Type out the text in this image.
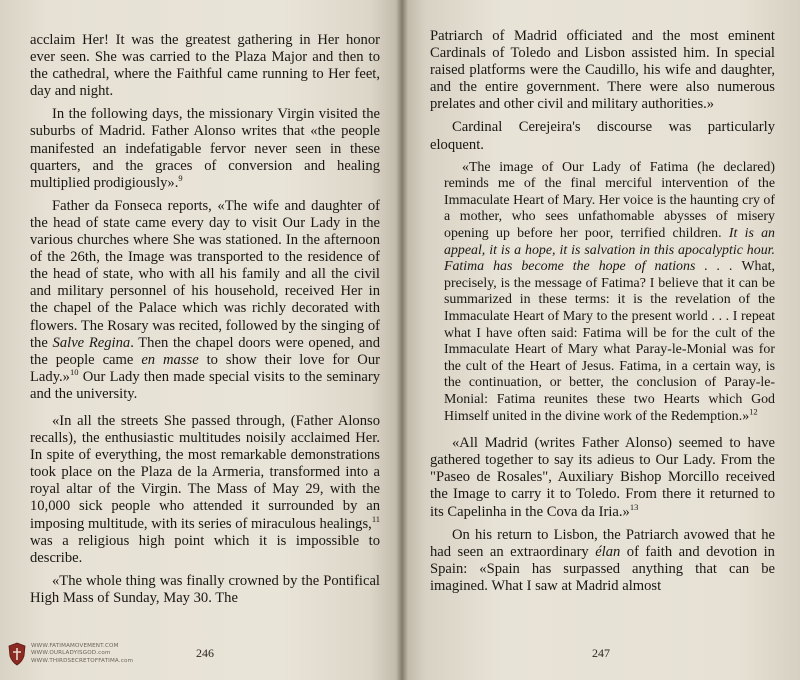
acclaim Her! It was the greatest gathering in Her honor ever seen. She was carried to the Plaza Major and then to the cathedral, where the Faithful came running to Her feet, day and night.

In the following days, the missionary Virgin visited the suburbs of Madrid. Father Alonso writes that «the people manifested an indefatigable fervor never seen in these quarters, and the graces of conversion and healing multiplied prodigiously».$^9$

Father da Fonseca reports, «The wife and daughter of the head of state came every day to visit Our Lady in the various churches where She was stationed. In the afternoon of the 26th, the Image was transported to the residence of the head of state, who with all his family and all the civil and military personnel of his household, received Her in the chapel of the Palace which was richly decorated with flowers. The Rosary was recited, followed by the singing of the Salve Regina. Then the chapel doors were opened, and the people came en masse to show their love for Our Lady.»$^{10}$ Our Lady then made special visits to the seminary and the university.

«In all the streets She passed through, (Father Alonso recalls), the enthusiastic multitudes noisily acclaimed Her. In spite of everything, the most remarkable demonstrations took place on the Plaza de la Armeria, transformed into a royal altar of the Virgin. The Mass of May 29, with the 10,000 sick people who attended it surrounded by an imposing multitude, with its series of miraculous healings,$^{11}$ was a religious high point which it is impossible to describe.

«The whole thing was finally crowned by the Pontifical High Mass of Sunday, May 30. The

246
WWW.FATIMAMOVEMENT.COM
WWW.OURLADYISGOD.com
WWW.THIRDSECRETOFFATIMA.com

Patriarch of Madrid officiated and the most eminent Cardinals of Toledo and Lisbon assisted him. In special raised platforms were the Caudillo, his wife and daughter, and the entire government. There were also numerous prelates and other civil and military authorities.»

Cardinal Cerejeira's discourse was particularly eloquent.

«The image of Our Lady of Fatima (he declared) reminds me of the final merciful intervention of the Immaculate Heart of Mary. Her voice is the haunting cry of a mother, who sees unfathomable abysses of misery opening up before her poor, terrified children. It is an appeal, it is a hope, it is salvation in this apocalyptic hour. Fatima has become the hope of nations . . . What, precisely, is the message of Fatima? I believe that it can be summarized in these terms: it is the revelation of the Immaculate Heart of Mary to the present world . . . I repeat what I have often said: Fatima will be for the cult of the Immaculate Heart of Mary what Paray-le-Monial was for the cult of the Heart of Jesus. Fatima, in a certain way, is the continuation, or better, the conclusion of Paray-le-Monial: Fatima reunites these two Hearts which God Himself united in the divine work of the Redemption.»$^{12}$

«All Madrid (writes Father Alonso) seemed to have gathered together to say its adieus to Our Lady. From the "Paseo de Rosales", Auxiliary Bishop Morcillo received the Image to carry it to Toledo. From there it returned to its Capelinha in the Cova da Iria.»$^{13}$

On his return to Lisbon, the Patriarch avowed that he had seen an extraordinary élan of faith and devotion in Spain: «Spain has surpassed anything that can be imagined. What I saw at Madrid almost

247
